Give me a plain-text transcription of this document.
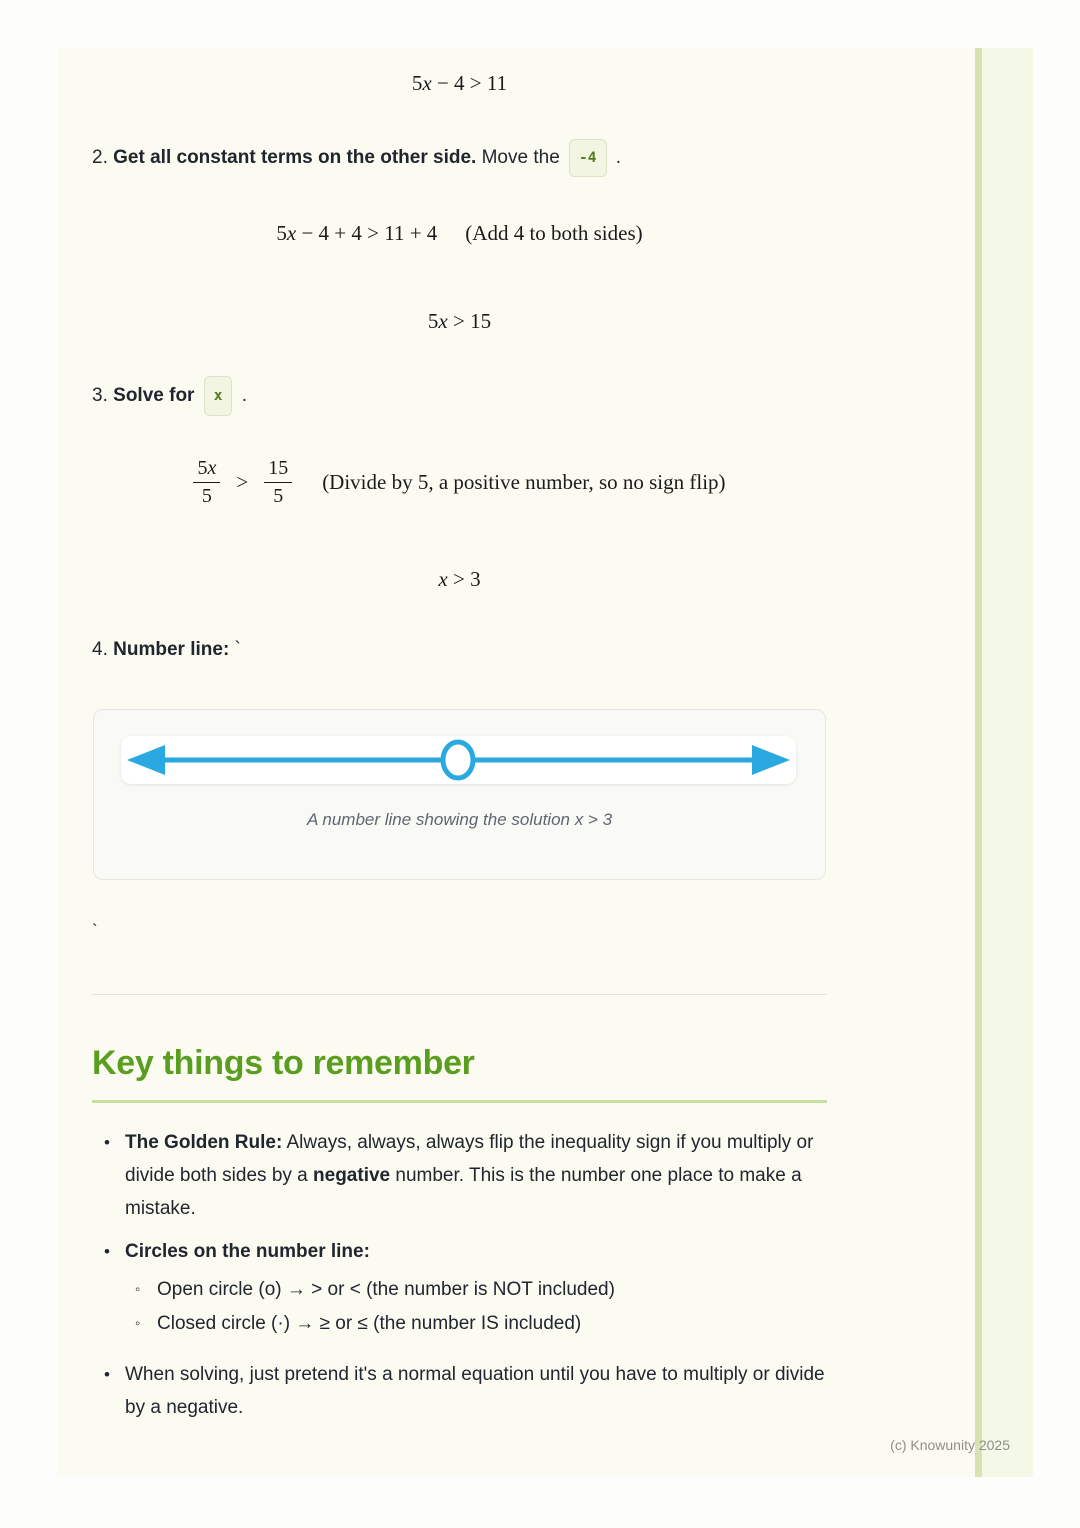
5x − 4 > 11
2. Get all constant terms on the other side. Move the -4 .
5x − 4 + 4 > 11 + 4 (Add 4 to both sides)
5x > 15
3. Solve for x .
$\frac{5x}{5} > \frac{15}{5}$ (Divide by 5, a positive number, so no sign flip)
x > 3
4. Number line: `
A number line showing the solution x > 3
`
Key things to remember
• The Golden Rule: Always, always, always flip the inequality sign if you multiply or divide both sides by a negative number. This is the number one place to make a mistake.
• Circles on the number line:
◦ Open circle (o) → > or < (the number is NOT included)
◦ Closed circle (·) → ≥ or ≤ (the number IS included)
• When solving, just pretend it's a normal equation until you have to multiply or divide by a negative.
(c) Knowunity 2025
